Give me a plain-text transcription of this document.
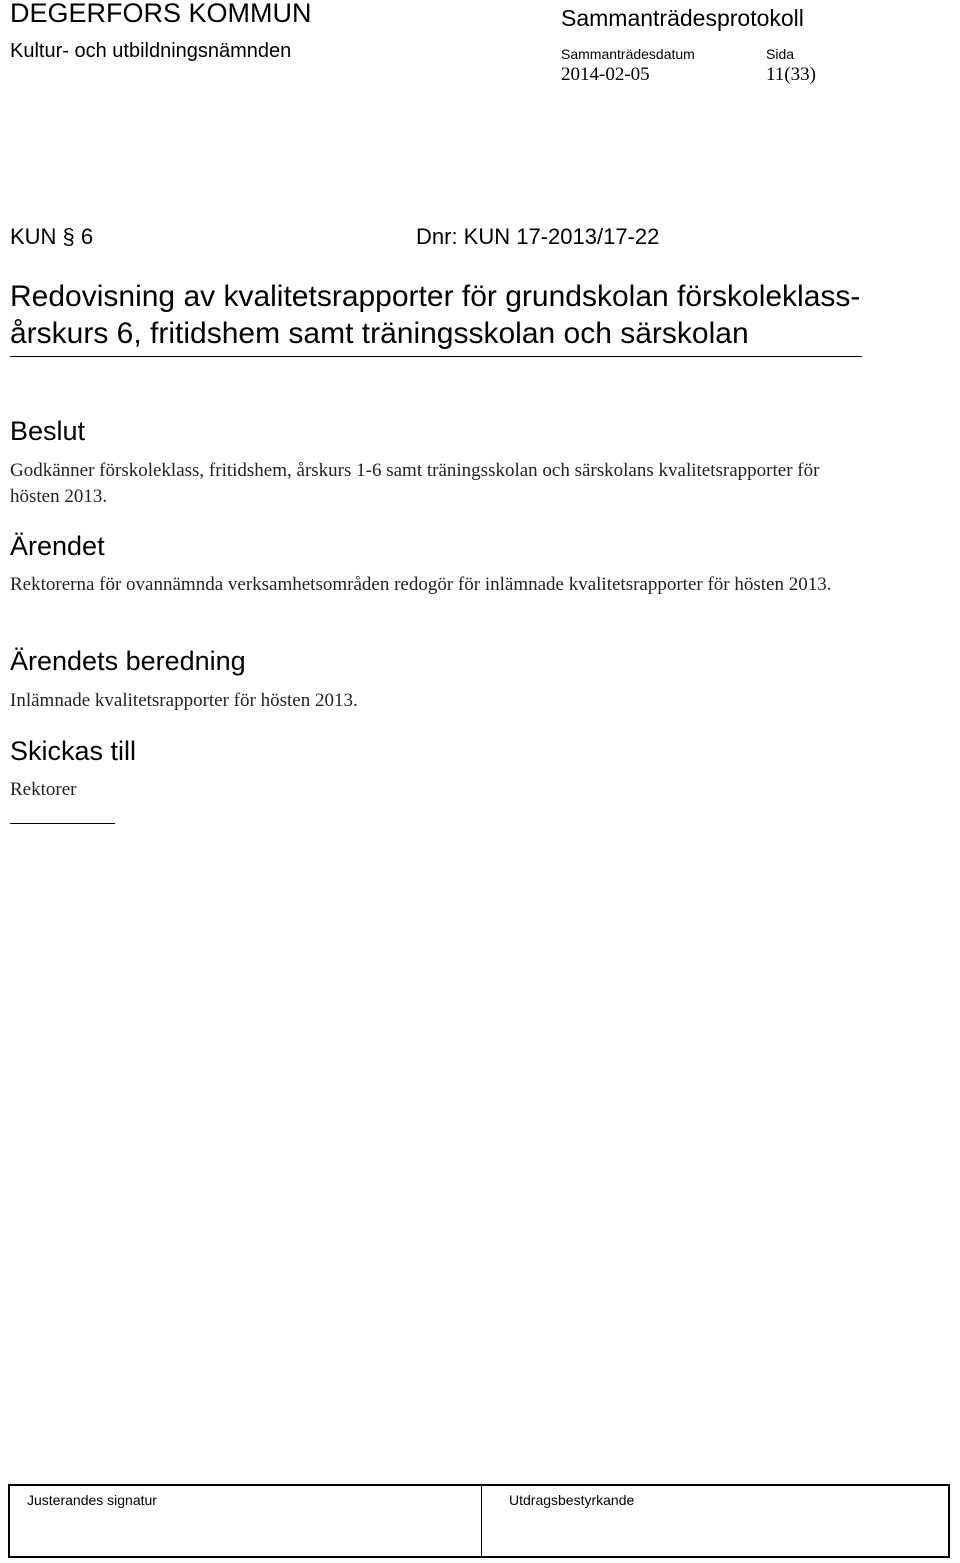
DEGERFORS KOMMUN
Kultur- och utbildningsnämnden
Sammanträdesprotokoll
Sammanträdesdatum
2014-02-05
Sida
11(33)
KUN § 6	Dnr: KUN 17-2013/17-22
Redovisning av kvalitetsrapporter för grundskolan förskoleklass-årskurs 6, fritidshem samt träningsskolan och särskolan
Beslut

Godkänner förskoleklass, fritidshem, årskurs 1-6 samt träningsskolan och särskolans kvalitetsrapporter för hösten 2013.

Ärendet

Rektorerna för ovannämnda verksamhetsområden redogör för inlämnade kvalitetsrapporter för hösten 2013.

Ärendets beredning

Inlämnade kvalitetsrapporter för hösten 2013.

Skickas till

Rektorer

Justerandes signatur	Utdragsbestyrkande
